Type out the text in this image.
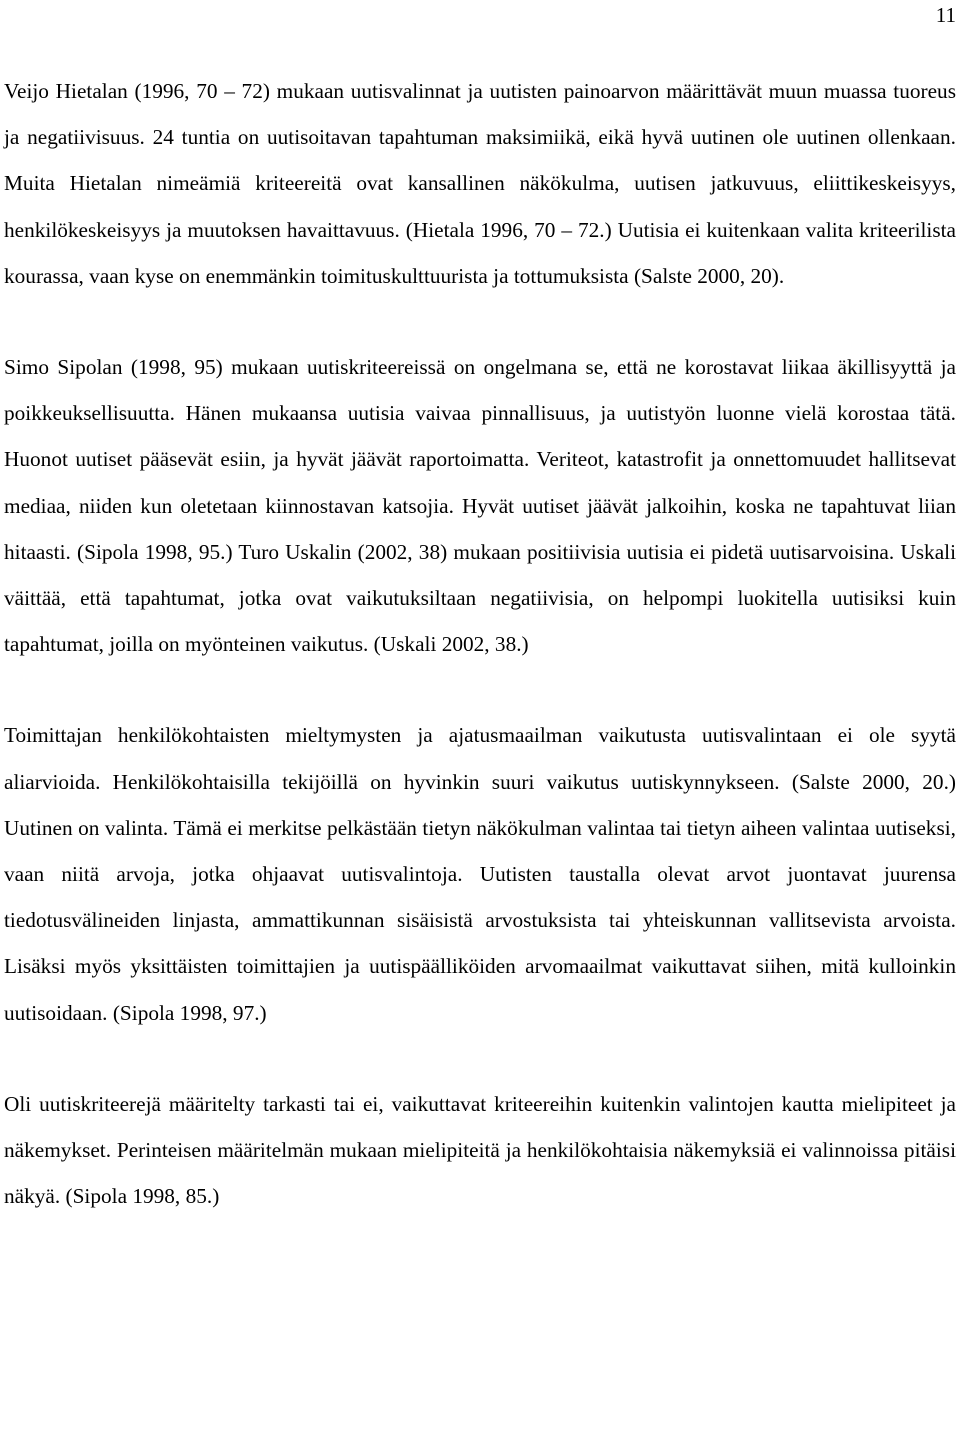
11

Veijo Hietalan (1996, 70 – 72) mukaan uutisvalinnat ja uutisten painoarvon määrittävät muun muassa tuoreus ja negatiivisuus. 24 tuntia on uutisoitavan tapahtuman maksimiikä, eikä hyvä uutinen ole uutinen ollenkaan. Muita Hietalan nimeämiä kriteereitä ovat kansallinen näkökulma, uutisen jatkuvuus, eliittikeskeisyys, henkilökeskeisyys ja muutoksen havaittavuus. (Hietala 1996, 70 – 72.) Uutisia ei kuitenkaan valita kriteerilista kourassa, vaan kyse on enemmänkin toimituskulttuurista ja tottumuksista (Salste 2000, 20).

Simo Sipolan (1998, 95) mukaan uutiskriteereissä on ongelmana se, että ne korostavat liikaa äkillisyyttä ja poikkeuksellisuutta. Hänen mukaansa uutisia vaivaa pinnallisuus, ja uutistyön luonne vielä korostaa tätä. Huonot uutiset pääsevät esiin, ja hyvät jäävät raportoimatta. Veriteot, katastrofit ja onnettomuudet hallitsevat mediaa, niiden kun oletetaan kiinnostavan katsojia. Hyvät uutiset jäävät jalkoihin, koska ne tapahtuvat liian hitaasti. (Sipola 1998, 95.) Turo Uskalin (2002, 38) mukaan positiivisia uutisia ei pidetä uutisarvoisina. Uskali väittää, että tapahtumat, jotka ovat vaikutuksiltaan negatiivisia, on helpompi luokitella uutisiksi kuin tapahtumat, joilla on myönteinen vaikutus. (Uskali 2002, 38.)

Toimittajan henkilökohtaisten mieltymysten ja ajatusmaailman vaikutusta uutisvalintaan ei ole syytä aliarvioida. Henkilökohtaisilla tekijöillä on hyvinkin suuri vaikutus uutiskynnykseen. (Salste 2000, 20.) Uutinen on valinta. Tämä ei merkitse pelkästään tietyn näkökulman valintaa tai tietyn aiheen valintaa uutiseksi, vaan niitä arvoja, jotka ohjaavat uutisvalintoja. Uutisten taustalla olevat arvot juontavat juurensa tiedotusvälineiden linjasta, ammattikunnan sisäisistä arvostuksista tai yhteiskunnan vallitsevista arvoista. Lisäksi myös yksittäisten toimittajien ja uutispäälliköiden arvomaailmat vaikuttavat siihen, mitä kulloinkin uutisoidaan. (Sipola 1998, 97.)

Oli uutiskriteerejä määritelty tarkasti tai ei, vaikuttavat kriteereihin kuitenkin valintojen kautta mielipiteet ja näkemykset. Perinteisen määritelmän mukaan mielipiteitä ja henkilökohtaisia näkemyksiä ei valinnoissa pitäisi näkyä. (Sipola 1998, 85.)
